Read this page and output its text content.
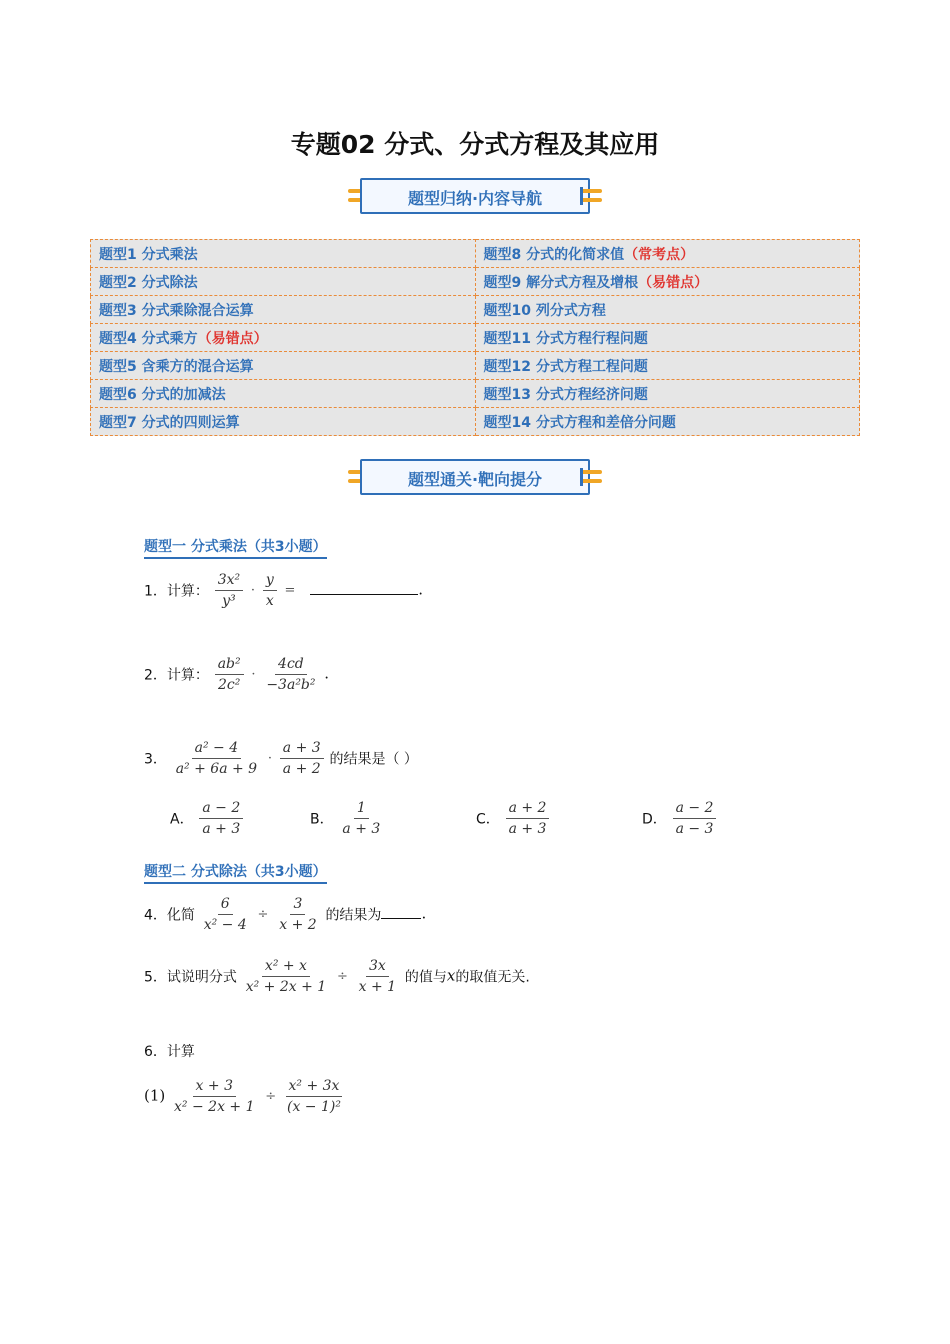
专题02 分式、分式方程及其应用
题型归纳·内容导航
题型1 分式乘法	题型8 分式的化简求值（常考点）
题型2 分式除法	题型9 解分式方程及增根（易错点）
题型3 分式乘除混合运算	题型10 列分式方程
题型4 分式乘方（易错点）	题型11 分式方程行程问题
题型5 含乘方的混合运算	题型12 分式方程工程问题
题型6 分式的加减法	题型13 分式方程经济问题
题型7 分式的四则运算	题型14 分式方程和差倍分问题
题型通关·靶向提分
题型一 分式乘法（共3小题）
1．计算： $\frac{\text{3x²}}{\text{y³}} \cdot \frac{y}{x}$ =	.
2．计算： $\frac{\text{ab²}}{\text{2c²}} \cdot \frac{4cd}{\text{−3a²b²}}$ .
3． $\frac{\text{a² − 4}}{\text{a² + 6a + 9}} \cdot \frac{a + 3}{a + 2}$ 的结果是（ ）
A． $\frac{a - 2}{a + 3}$	B． $\frac{1}{a + 3}$	C． $\frac{a + 2}{a + 3}$	D． $\frac{a - 2}{a - 3}$
题型二 分式除法（共3小题）
4．化简 $\frac{6}{\text{x² − 4}} \div \frac{3}{x + 2}$ 的结果为	.
5．试说明分式 $\frac{\text{x² + x}}{\text{x² + 2x + 1}} \div \frac{3x}{x + 1}$ 的值与x的取值无关.
6．计算
$(1) \frac{x + 3}{\text{x² − 2x + 1}} \div \frac{\text{x² + 3x}}{\text{(x − 1)²}}$
